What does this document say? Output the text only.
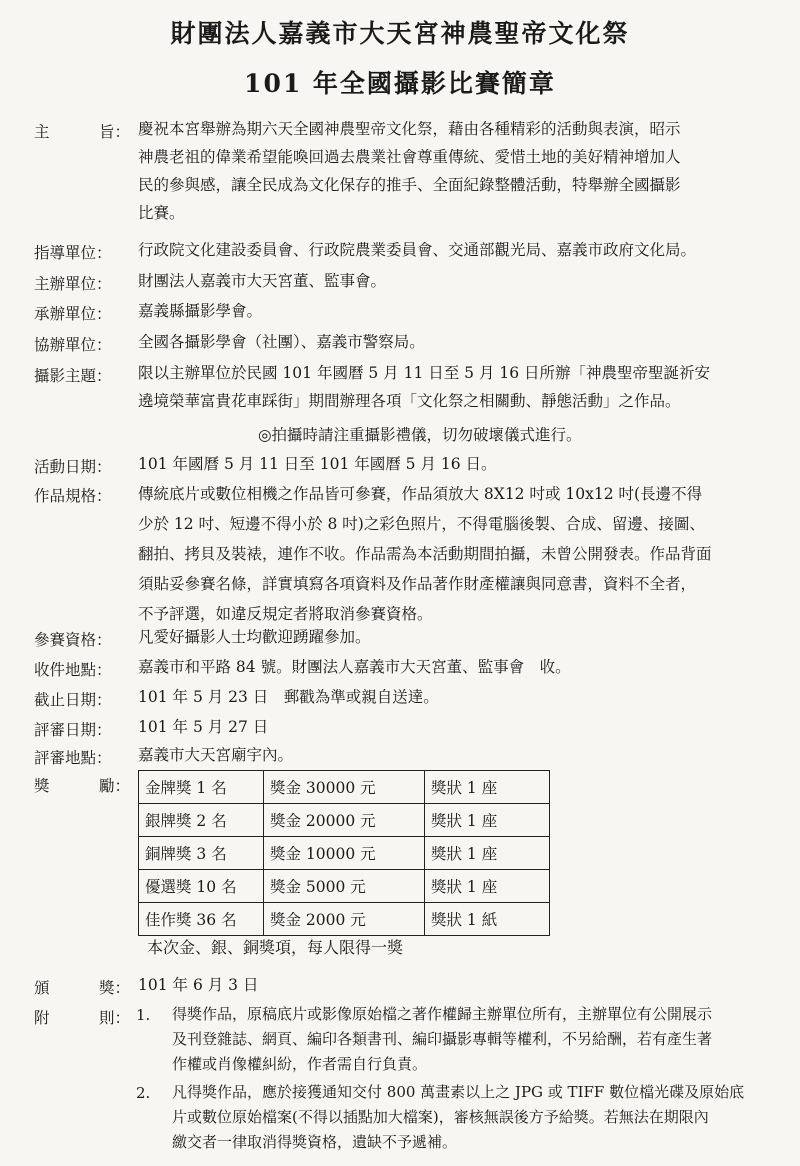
財團法人嘉義市大天宮神農聖帝文化祭
101 年全國攝影比賽簡章
主	旨： 慶祝本宮舉辦為期六天全國神農聖帝文化祭，藉由各種精彩的活動與表演，昭示

神農老祖的偉業希望能喚回過去農業社會尊重傳統、愛惜土地的美好精神增加人

民的參與感，讓全民成為文化保存的推手、全面紀錄整體活動，特舉辦全國攝影

比賽。

指導單位：	行政院文化建設委員會、行政院農業委員會、交通部觀光局、嘉義市政府文化局。

主辦單位：	財團法人嘉義市大天宮董、監事會。

承辦單位：	嘉義縣攝影學會。

協辦單位：	全國各攝影學會（社團）、嘉義市警察局。

攝影主題：	限以主辦單位於民國 101 年國曆 5 月 11 日至 5 月 16 日所辦「神農聖帝聖誕祈安

遶境榮華富貴花車踩街」期間辦理各項「文化祭之相關動、靜態活動」之作品。

◎拍攝時請注重攝影禮儀，切勿破壞儀式進行。
活動日期：	101 年國曆 5 月 11 日至 101 年國曆 5 月 16 日。

作品規格：	傳統底片或數位相機之作品皆可參賽，作品須放大 8X12 吋或 10x12 吋(長邊不得

少於 12 吋、短邊不得小於 8 吋)之彩色照片，不得電腦後製、合成、留邊、接圖、

翻拍、拷貝及裝裱，連作不收。作品需為本活動期間拍攝，未曾公開發表。作品背面

須貼妥參賽名條，詳實填寫各項資料及作品著作財產權讓與同意書，資料不全者，

不予評選，如違反規定者將取消參賽資格。

參賽資格：	凡愛好攝影人士均歡迎踴躍參加。

收件地點：	嘉義市和平路 84 號。財團法人嘉義市大天宮董、監事會　收。

截止日期：	101 年 5 月 23 日　郵戳為準或親自送達。

評審日期：	101 年 5 月 27 日

評審地點：	嘉義市大天宮廟宇內。

獎	勵： 金牌獎 1 名	獎金 30000 元	獎狀 1 座
銀牌獎 2 名	獎金 20000 元	獎狀 1 座
銅牌獎 3 名	獎金 10000 元	獎狀 1 座
優選獎 10 名	獎金 5000 元	獎狀 1 座
佳作獎 36 名	獎金 2000 元	獎狀 1 紙
本次金、銀、銅獎項，每人限得一獎
頒	獎： 101 年 6 月 3 日

附	則： 1. 得獎作品，原稿底片或影像原始檔之著作權歸主辦單位所有，主辦單位有公開展示

及刊登雜誌、網頁、編印各類書刊、編印攝影專輯等權利，不另給酬，若有產生著

作權或肖像權糾紛，作者需自行負責。

2. 凡得獎作品，應於接獲通知交付 800 萬畫素以上之 JPG 或 TIFF 數位檔光碟及原始底

片或數位原始檔案(不得以插點加大檔案)，審核無誤後方予給獎。若無法在期限內

繳交者一律取消得獎資格，遺缺不予遞補。
